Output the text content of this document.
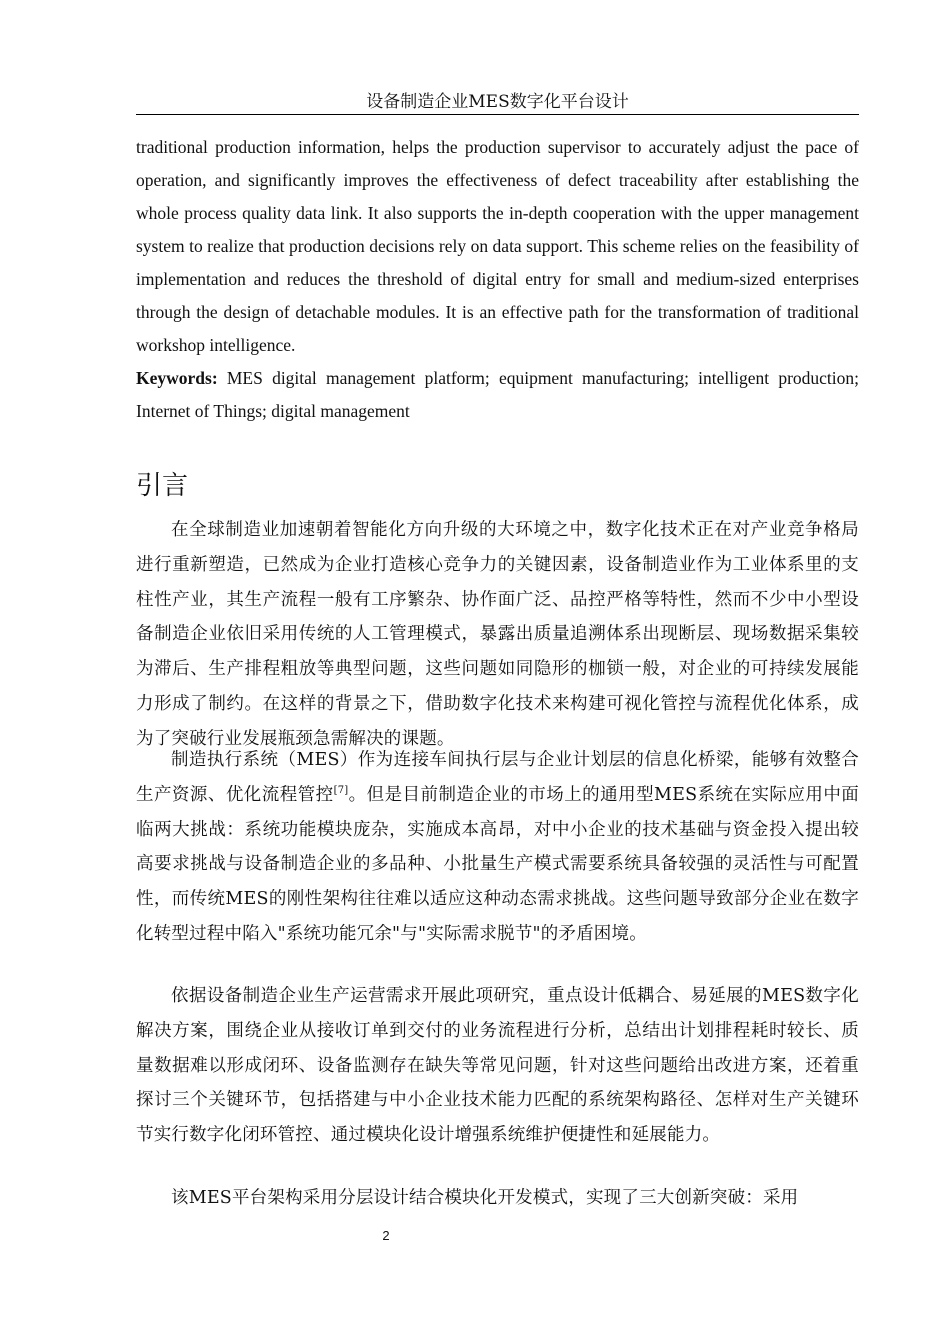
设备制造企业MES数字化平台设计

traditional production information, helps the production supervisor to accurately adjust the pace of operation, and significantly improves the effectiveness of defect traceability after establishing the whole process quality data link. It also supports the in-depth cooperation with the upper management system to realize that production decisions rely on data support. This scheme relies on the feasibility of implementation and reduces the threshold of digital entry for small and medium-sized enterprises through the design of detachable modules. It is an effective path for the transformation of traditional workshop intelligence.

Keywords: MES digital management platform; equipment manufacturing; intelligent production; Internet of Things; digital management

引言

在全球制造业加速朝着智能化方向升级的大环境之中，数字化技术正在对产业竞争格局进行重新塑造，已然成为企业打造核心竞争力的关键因素，设备制造业作为工业体系里的支柱性产业，其生产流程一般有工序繁杂、协作面广泛、品控严格等特性，然而不少中小型设备制造企业依旧采用传统的人工管理模式，暴露出质量追溯体系出现断层、现场数据采集较为滞后、生产排程粗放等典型问题，这些问题如同隐形的枷锁一般，对企业的可持续发展能力形成了制约。在这样的背景之下，借助数字化技术来构建可视化管控与流程优化体系，成为了突破行业发展瓶颈急需解决的课题。

制造执行系统（MES）作为连接车间执行层与企业计划层的信息化桥梁，能够有效整合生产资源、优化流程管控[7]。但是目前制造企业的市场上的通用型MES系统在实际应用中面临两大挑战：系统功能模块庞杂，实施成本高昂，对中小企业的技术基础与资金投入提出较高要求挑战与设备制造企业的多品种、小批量生产模式需要系统具备较强的灵活性与可配置性，而传统MES的刚性架构往往难以适应这种动态需求挑战。这些问题导致部分企业在数字化转型过程中陷入"系统功能冗余"与"实际需求脱节"的矛盾困境。

依据设备制造企业生产运营需求开展此项研究，重点设计低耦合、易延展的MES数字化解决方案，围绕企业从接收订单到交付的业务流程进行分析，总结出计划排程耗时较长、质量数据难以形成闭环、设备监测存在缺失等常见问题，针对这些问题给出改进方案，还着重探讨三个关键环节，包括搭建与中小企业技术能力匹配的系统架构路径、怎样对生产关键环节实行数字化闭环管控、通过模块化设计增强系统维护便捷性和延展能力。

该MES平台架构采用分层设计结合模块化开发模式，实现了三大创新突破：采用

2
